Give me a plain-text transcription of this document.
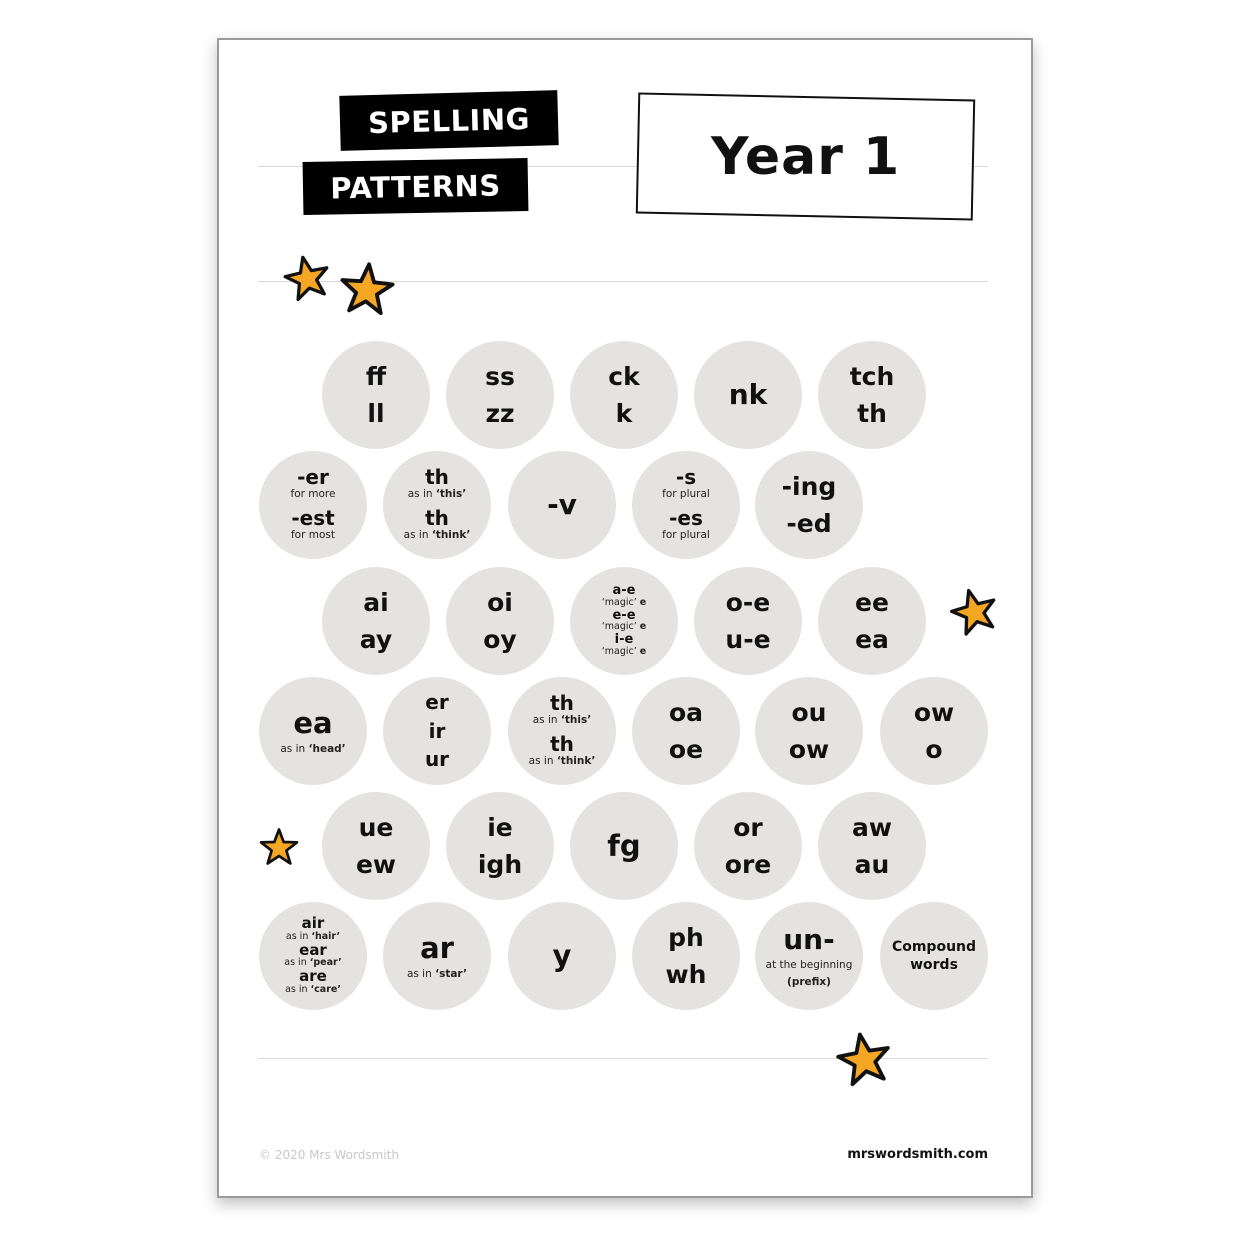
SPELLING
PATTERNS
Year 1
ff
ll
ss
zz
ck
k
nk
tch
th
-er
for more
-est
for most
th
as in ‘this’
th
as in ‘think’
-v
-s
for plural
-es
for plural
-ing
-ed
ai
ay
oi
oy
a-e
‘magic’ e
e-e
‘magic’ e
i-e
‘magic’ e
o-e
u-e
ee
ea
ea
as in ‘head’
er
ir
ur
th
as in ‘this’
th
as in ‘think’
oa
oe
ou
ow
ow
o
ue
ew
ie
igh
fg
or
ore
aw
au
air
as in ‘hair’
ear
as in ‘pear’
are
as in ‘care’
ar
as in ‘star’
y
ph
wh
un-
at the beginning
(prefix)
Compound
words
© 2020 Mrs Wordsmith	mrswordsmith.com
